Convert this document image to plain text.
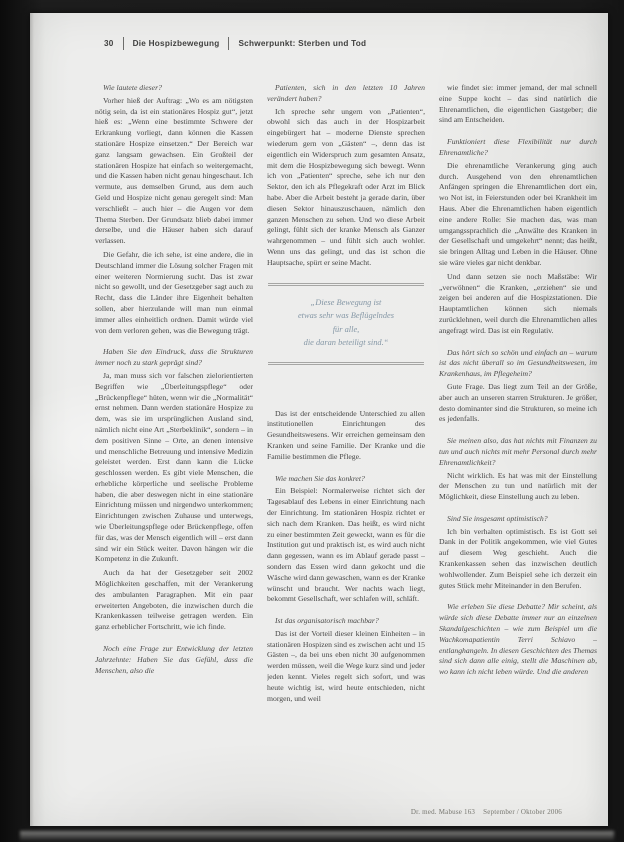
30 Die Hospizbewegung Schwerpunkt: Sterben und Tod

Wie lautete dieser?

Vorher hieß der Auftrag: „Wo es am nötigsten nötig sein, da ist ein stationäres Hospiz gut“, jetzt hieß es: „Wenn eine bestimmte Schwere der Erkrankung vorliegt, dann können die Kassen stationäre Hospize einsetzen.“ Der Bereich war ganz langsam gewachsen. Ein Großteil der stationären Hospize hat einfach so weitergemacht, und die Kassen haben nicht genau hingeschaut. Ich vermute, aus demselben Grund, aus dem auch Geld und Hospize nicht genau geregelt sind: Man verschließt – auch hier – die Augen vor dem Thema Sterben. Der Grundsatz blieb dabei immer derselbe, und die Häuser haben sich darauf verlassen.

Die Gefahr, die ich sehe, ist eine andere, die in Deutschland immer die Lösung solcher Fragen mit einer weiteren Normierung sucht. Das ist zwar nicht so gewollt, und der Gesetzgeber sagt auch zu Recht, dass die Länder ihre Eigenheit behalten sollen, aber hierzulande will man nun einmal immer alles einheitlich ordnen. Damit würde viel von dem verloren gehen, was die Bewegung trägt.

Haben Sie den Eindruck, dass die Strukturen immer noch zu stark geprägt sind?

Ja, man muss sich vor falschen zielorientierten Begriffen wie „Überleitungspflege“ oder „Brückenpflege“ hüten, wenn wir die „Normalität“ ernst nehmen. Dann werden stationäre Hospize zu dem, was sie im ursprünglichen Ausland sind, nämlich nicht eine Art „Sterbeklinik“, sondern – in dem positiven Sinne – Orte, an denen intensive und menschliche Betreuung und intensive Medizin geleistet werden. Erst dann kann die Lücke geschlossen werden. Es gibt viele Menschen, die erhebliche körperliche und seelische Probleme haben, die aber deswegen nicht in eine stationäre Einrichtung müssen und nirgendwo unterkommen; Einrichtungen zwischen Zuhause und unterwegs, wie Überleitungspflege oder Brückenpflege, offen für das, was der Mensch eigentlich will – erst dann sind wir ein Stück weiter. Davon hängen wir die Kompetenz in die Zukunft.

Auch da hat der Gesetzgeber seit 2002 Möglichkeiten geschaffen, mit der Verankerung des ambulanten Paragraphen. Mit ein paar erweiterten Angeboten, die inzwischen durch die Krankenkassen teilweise getragen werden. Ein ganz erheblicher Fortschritt, wie ich finde.

Noch eine Frage zur Entwicklung der letzten Jahrzehnte: Haben Sie das Gefühl, dass die Menschen, also die

Patienten, sich in den letzten 10 Jahren verändert haben?

Ich spreche sehr ungern von „Patienten“, obwohl sich das auch in der Hospizarbeit eingebürgert hat – moderne Dienste sprechen wiederum gern von „Gästen“ –, denn das ist eigentlich ein Widerspruch zum gesamten Ansatz, mit dem die Hospizbewegung sich bewegt. Wenn ich von „Patienten“ spreche, sehe ich nur den Sektor, den ich als Pflegekraft oder Arzt im Blick habe. Aber die Arbeit besteht ja gerade darin, über diesen Sektor hinauszuschauen, nämlich den ganzen Menschen zu sehen. Und wo diese Arbeit gelingt, fühlt sich der kranke Mensch als Ganzer wahrgenommen – und fühlt sich auch wohler. Wenn uns das gelingt, und das ist schon die Hauptsache, spürt er seine Macht.

„Diese Bewegung ist
etwas sehr was Beflügelndes
für alle,
die daran beteiligt sind.“

Das ist der entscheidende Unterschied zu allen institutionellen Einrichtungen des Gesundheitswesens. Wir erreichen gemeinsam den Kranken und seine Familie. Der Kranke und die Familie bestimmen die Pflege.

Wie machen Sie das konkret?

Ein Beispiel: Normalerweise richtet sich der Tagesablauf des Lebens in einer Einrichtung nach der Einrichtung. Im stationären Hospiz richtet er sich nach dem Kranken. Das heißt, es wird nicht zu einer bestimmten Zeit geweckt, wann es für die Institution gut und praktisch ist, es wird auch nicht dann gegessen, wann es im Ablauf gerade passt – sondern das Essen wird dann gekocht und die Wäsche wird dann gewaschen, wann es der Kranke wünscht und braucht. Wer nachts wach liegt, bekommt Gesellschaft, wer schlafen will, schläft.

Ist das organisatorisch machbar?

Das ist der Vorteil dieser kleinen Einheiten – in stationären Hospizen sind es zwischen acht und 15 Gästen –, da bei uns eben nicht 30 aufgenommen werden müssen, weil die Wege kurz sind und jeder jeden kennt. Vieles regelt sich sofort, und was heute wichtig ist, wird heute entschieden, nicht morgen, und weil

wie findet sie: immer jemand, der mal schnell eine Suppe kocht – das sind natürlich die Ehrenamtlichen, die eigentlichen Gastgeber; die sind am Entscheiden.

Funktioniert diese Flexibilität nur durch Ehrenamtliche?

Die ehrenamtliche Verankerung ging auch durch. Ausgehend von den ehrenamtlichen Anfängen springen die Ehrenamtlichen dort ein, wo Not ist, in Feierstunden oder bei Krankheit im Haus. Aber die Ehrenamtlichen haben eigentlich eine andere Rolle: Sie machen das, was man umgangssprachlich die „Anwälte des Kranken in der Gesellschaft und umgekehrt“ nennt; das heißt, sie bringen Alltag und Leben in die Häuser. Ohne sie wäre vieles gar nicht denkbar.

Und dann setzen sie noch Maßstäbe: Wir „verwöhnen“ die Kranken, „erziehen“ sie und zeigen bei anderen auf die Hospizstationen. Die Hauptamtlichen können sich niemals zurücklehnen, weil durch die Ehrenamtlichen alles angefragt wird. Das ist ein Regulativ.

Das hört sich so schön und einfach an – warum ist das nicht überall so im Gesundheitswesen, im Krankenhaus, im Pflegeheim?

Gute Frage. Das liegt zum Teil an der Größe, aber auch an unseren starren Strukturen. Je größer, desto dominanter sind die Strukturen, so meine ich es jedenfalls.

Sie meinen also, das hat nichts mit Finanzen zu tun und auch nichts mit mehr Personal durch mehr Ehrenamtlichkeit?

Nicht wirklich. Es hat was mit der Einstellung der Menschen zu tun und natürlich mit der Möglichkeit, diese Einstellung auch zu leben.

Sind Sie insgesamt optimistisch?

Ich bin verhalten optimistisch. Es ist Gott sei Dank in der Politik angekommen, wie viel Gutes auf diesem Weg geschieht. Auch die Krankenkassen sehen das inzwischen deutlich wohlwollender. Zum Beispiel sehe ich derzeit ein gutes Stück mehr Miteinander in den Berufen.

Wie erleben Sie diese Debatte? Mir scheint, als würde sich diese Debatte immer nur an einzelnen Skandalgeschichten – wie zum Beispiel um die Wachkomapatientin Terri Schiavo – entlanghangeln. In diesen Geschichten des Themas sind sich dann alle einig, stellt die Maschinen ab, wo kann ich nicht leben würde. Und die anderen

Dr. med. Mabuse 163 September / Oktober 2006
